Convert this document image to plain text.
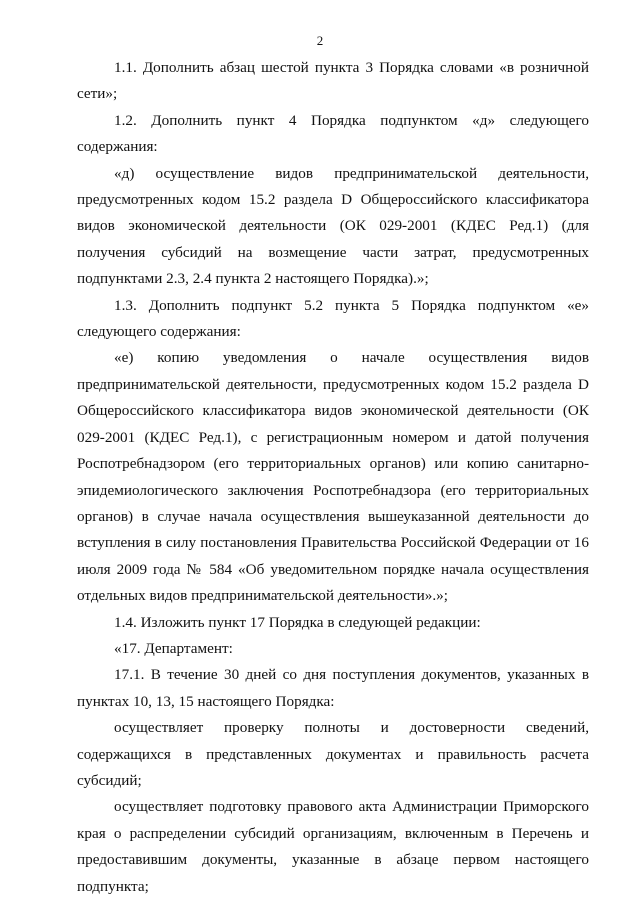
2

1.1. Дополнить абзац шестой пункта 3 Порядка словами «в розничной сети»;

1.2. Дополнить пункт 4 Порядка подпунктом «д» следующего содержания:

«д) осуществление видов предпринимательской деятельности, предусмотренных кодом 15.2 раздела D Общероссийского классификатора видов экономической деятельности (ОК 029-2001 (КДЕС Ред.1) (для получения субсидий на возмещение части затрат, предусмотренных подпунктами 2.3, 2.4 пункта 2 настоящего Порядка).»;

1.3. Дополнить подпункт 5.2 пункта 5 Порядка подпунктом «е» следующего содержания:

«е) копию уведомления о начале осуществления видов предпринимательской деятельности, предусмотренных кодом 15.2 раздела D Общероссийского классификатора видов экономической деятельности (ОК 029-2001 (КДЕС Ред.1), с регистрационным номером и датой получения Роспотребнадзором (его территориальных органов) или копию санитарно-эпидемиологического заключения Роспотребнадзора (его территориальных органов) в случае начала осуществления вышеуказанной деятельности до вступления в силу постановления Правительства Российской Федерации от 16 июля 2009 года № 584 «Об уведомительном порядке начала осуществления отдельных видов предпринимательской деятельности».»;

1.4. Изложить пункт 17 Порядка в следующей редакции:

«17. Департамент:

17.1. В течение 30 дней со дня поступления документов, указанных в пунктах 10, 13, 15 настоящего Порядка:

осуществляет проверку полноты и достоверности сведений, содержащихся в представленных документах и правильность расчета субсидий;

осуществляет подготовку правового акта Администрации Приморского края о распределении субсидий организациям, включенным в Перечень и предоставившим документы, указанные в абзаце первом настоящего подпункта;
